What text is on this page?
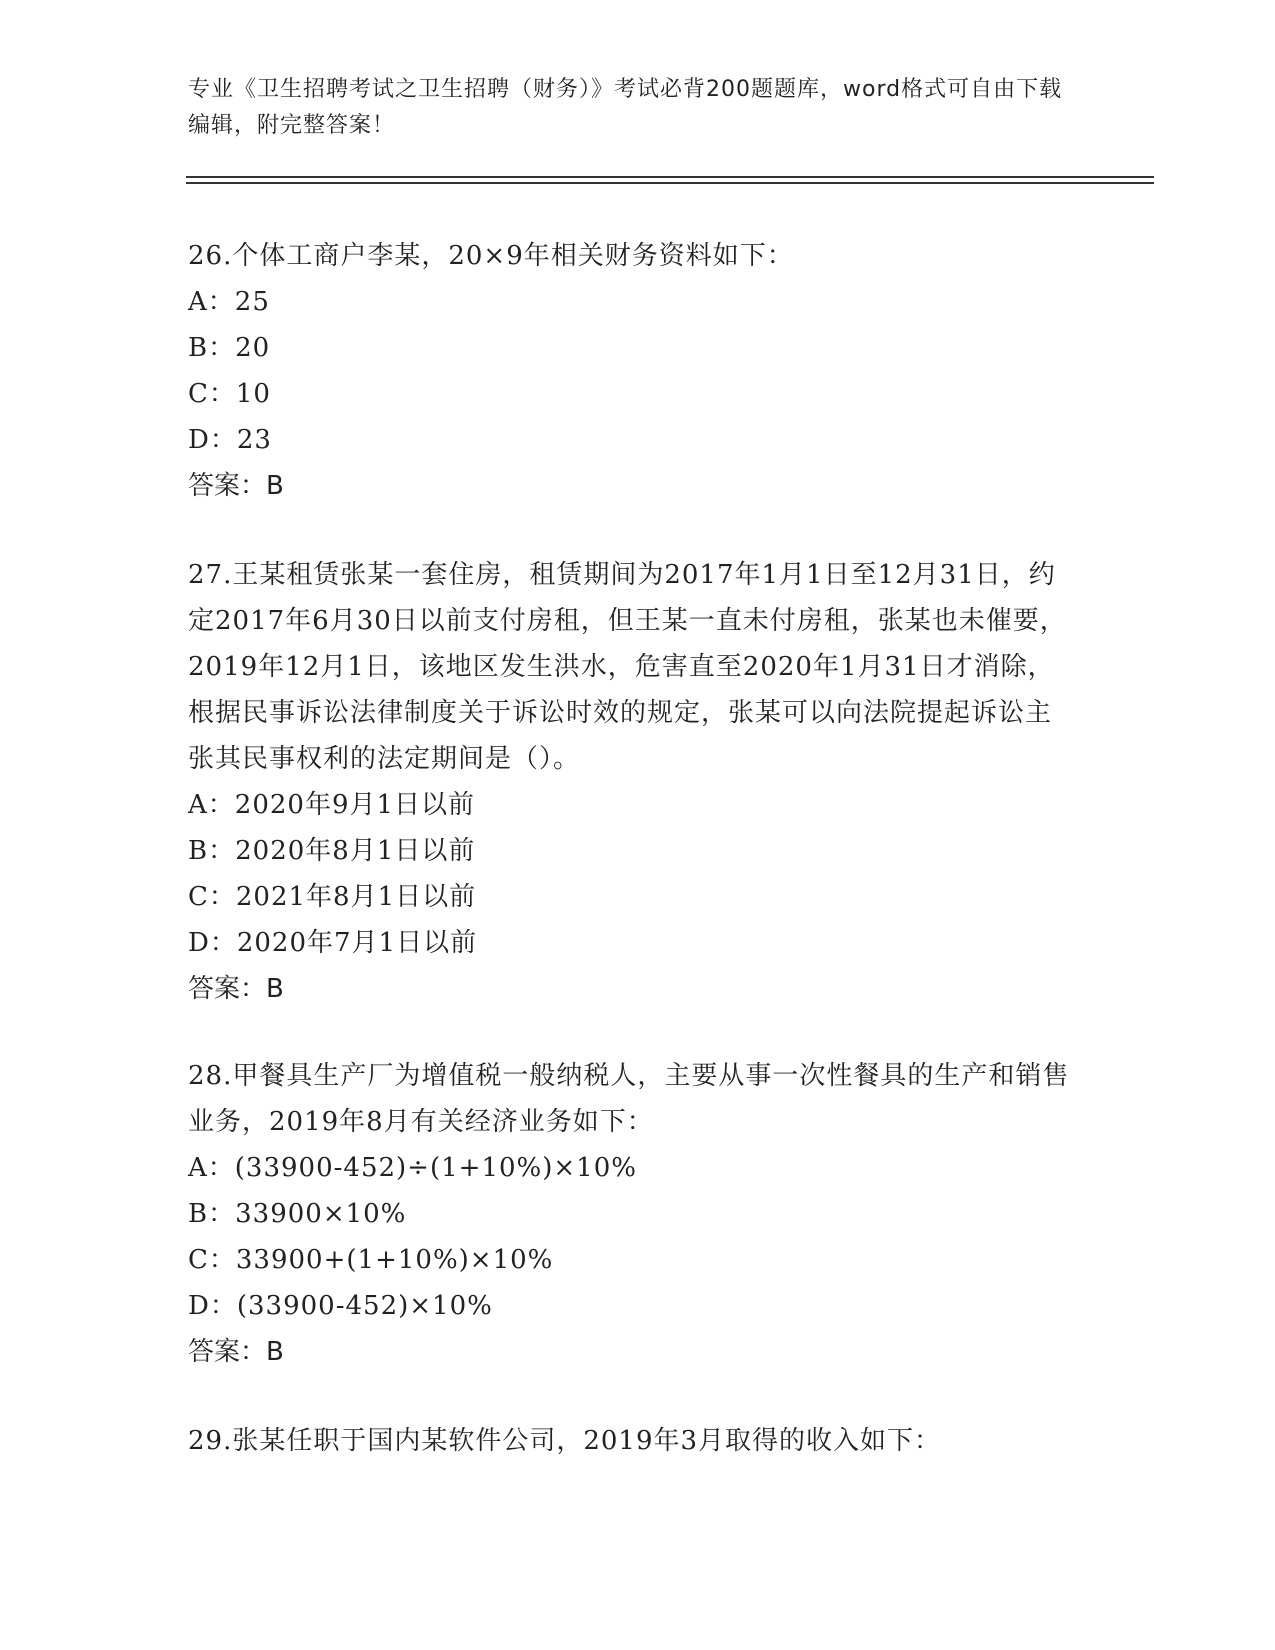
专业《卫生招聘考试之卫生招聘（财务）》考试必背200题题库，word格式可自由下载编辑，附完整答案！

26.个体工商户李某，20×9年相关财务资料如下：

A：25

B：20

C：10

D：23

答案：B

27.王某租赁张某一套住房，租赁期间为2017年1月1日至12月31日，约定2017年6月30日以前支付房租，但王某一直未付房租，张某也未催要，2019年12月1日，该地区发生洪水，危害直至2020年1月31日才消除，根据民事诉讼法律制度关于诉讼时效的规定，张某可以向法院提起诉讼主张其民事权利的法定期间是（）。

A：2020年9月1日以前

B：2020年8月1日以前

C：2021年8月1日以前

D：2020年7月1日以前

答案：B

28.甲餐具生产厂为增值税一般纳税人，主要从事一次性餐具的生产和销售业务，2019年8月有关经济业务如下：

A：(33900-452)÷(1+10%)×10%

B：33900×10%

C：33900+(1+10%)×10%

D：(33900-452)×10%

答案：B

29.张某任职于国内某软件公司，2019年3月取得的收入如下：
